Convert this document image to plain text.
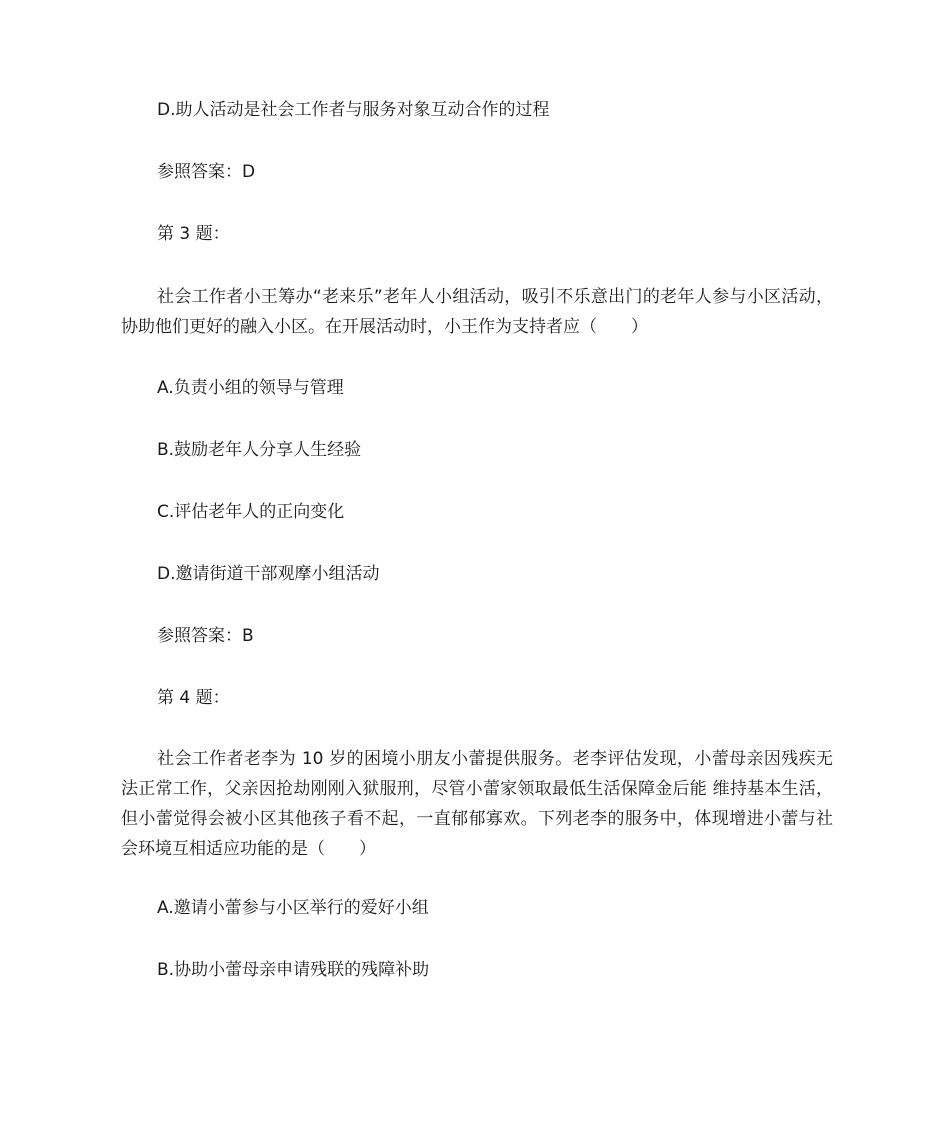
D.助人活动是社会工作者与服务对象互动合作的过程
参照答案：D
第 3 题：
社会工作者小王筹办“老来乐”老年人小组活动，吸引不乐意出门的老年人参与小区活动，协助他们更好的融入小区。在开展活动时，小王作为支持者应（　　）
A.负责小组的领导与管理
B.鼓励老年人分享人生经验
C.评估老年人的正向变化
D.邀请街道干部观摩小组活动
参照答案：B
第 4 题：
社会工作者老李为 10 岁的困境小朋友小蕾提供服务。老李评估发现，小蕾母亲因残疾无法正常工作，父亲因抢劫刚刚入狱服刑，尽管小蕾家领取最低生活保障金后能 维持基本生活，但小蕾觉得会被小区其他孩子看不起，一直郁郁寡欢。下列老李的服务中，体现增进小蕾与社会环境互相适应功能的是（　　）
A.邀请小蕾参与小区举行的爱好小组
B.协助小蕾母亲申请残联的残障补助
